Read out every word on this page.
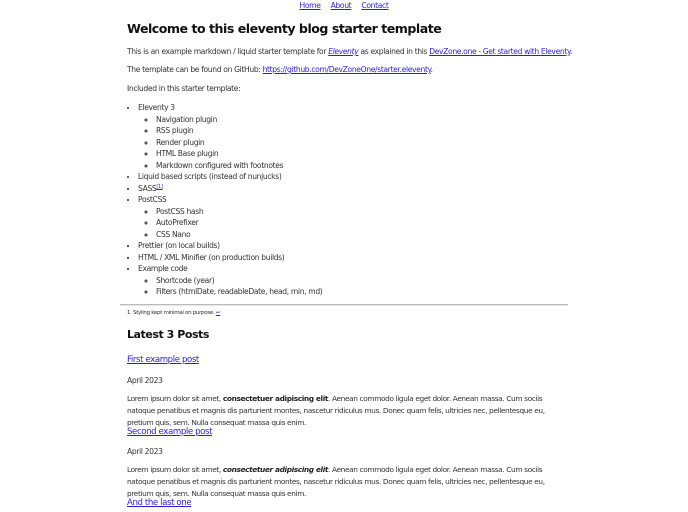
Home About Contact
Welcome to this eleventy blog starter template

This is an example markdown / liquid starter template for Eleventy as explained in this DevZone.one - Get started with Eleventy.

The template can be found on GitHub: https://github.com/DevZoneOne/starter.eleventy.

Included in this starter template:

• Eleventy 3
◦ Navigation plugin
◦ RSS plugin
◦ Render plugin
◦ HTML Base plugin
◦ Markdown configured with footnotes
• Liquid based scripts (instead of nunjucks)
• SASS[1]
• PostCSS
◦ PostCSS hash
◦ AutoPrefixer
◦ CSS Nano
• Prettier (on local builds)
• HTML / XML Minifier (on production builds)
• Example code
◦ Shortcode (year)
◦ Filters (htmlDate, readableDate, head, min, md)
1. Styling kept minimal on purpose. ↩
Latest 3 Posts
First example post

April 2023

Lorem ipsum dolor sit amet, consectetuer adipiscing elit. Aenean commodo ligula eget dolor. Aenean massa. Cum sociis natoque penatibus et magnis dis parturient montes, nascetur ridiculus mus. Donec quam felis, ultricies nec, pellentesque eu, pretium quis, sem. Nulla consequat massa quis enim.

Second example post

April 2023

Lorem ipsum dolor sit amet, consectetuer adipiscing elit. Aenean commodo ligula eget dolor. Aenean massa. Cum sociis natoque penatibus et magnis dis parturient montes, nascetur ridiculus mus. Donec quam felis, ultricies nec, pellentesque eu, pretium quis, sem. Nulla consequat massa quis enim.

And the last one
